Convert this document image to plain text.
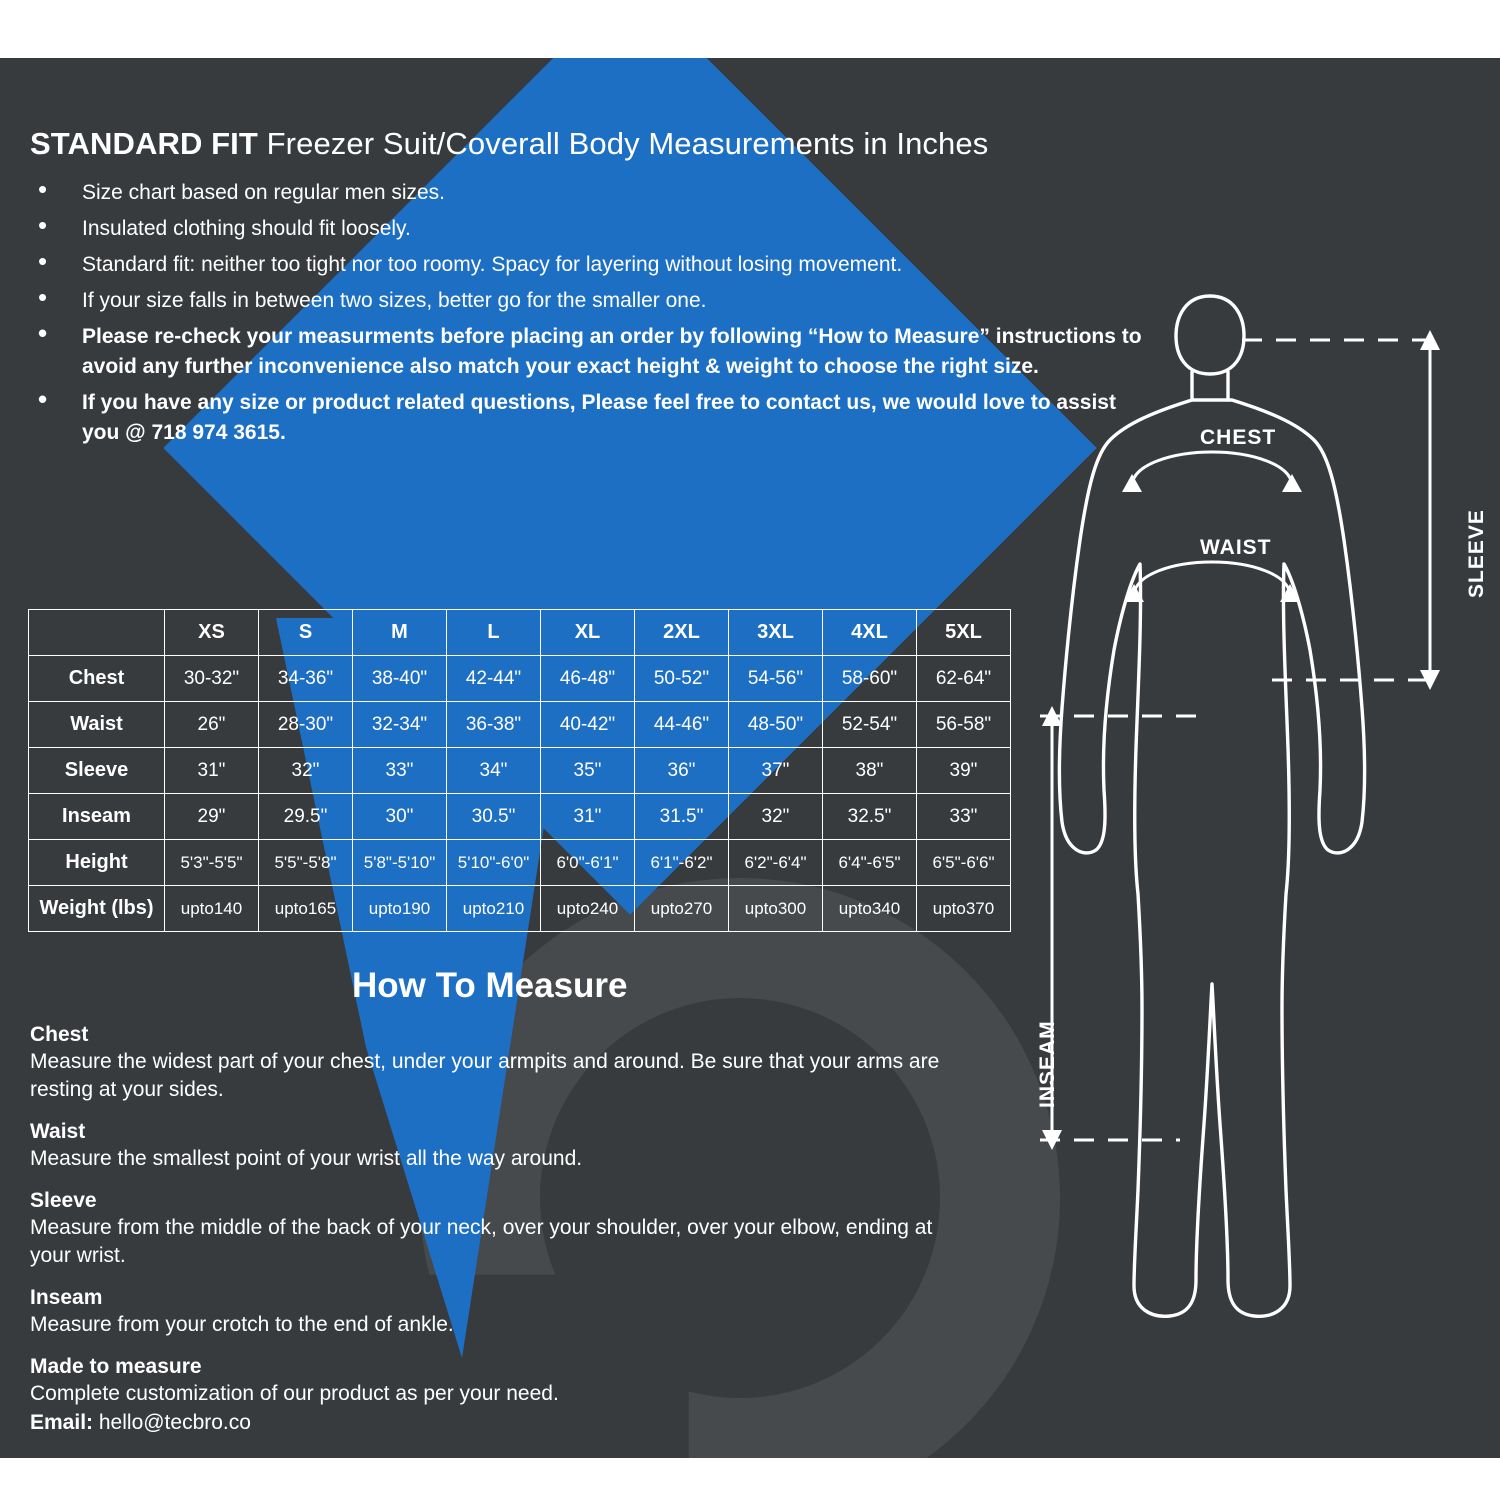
STANDARD FIT Freezer Suit/Coverall Body Measurements in Inches
• Size chart based on regular men sizes.
• Insulated clothing should fit loosely.
• Standard fit: neither too tight nor too roomy. Spacy for layering without losing movement.
• If your size falls in between two sizes, better go for the smaller one.
• Please re-check your measurments before placing an order by following “How to Measure” instructions to avoid any further inconvenience also match your exact height & weight to choose the right size.
• If you have any size or product related questions, Please feel free to contact us, we would love to assist you @ 718 974 3615.
	XS	S	M	L	XL	2XL	3XL	4XL	5XL
Chest	30-32"	34-36"	38-40"	42-44"	46-48"	50-52"	54-56"	58-60"	62-64"
Waist	26"	28-30"	32-34"	36-38"	40-42"	44-46"	48-50"	52-54"	56-58"
Sleeve	31"	32"	33"	34"	35"	36"	37"	38"	39"
Inseam	29"	29.5"	30"	30.5"	31"	31.5"	32"	32.5"	33"
Height	5'3"-5'5"	5'5"-5'8"	5'8"-5'10"	5'10"-6'0"	6'0"-6'1"	6'1"-6'2"	6'2"-6'4"	6'4"-6'5"	6'5"-6'6"
Weight (lbs)	upto140	upto165	upto190	upto210	upto240	upto270	upto300	upto340	upto370
How To Measure
Chest
Measure the widest part of your chest, under your armpits and around. Be sure that your arms are resting at your sides.
Waist
Measure the smallest point of your wrist all the way around.
Sleeve
Measure from the middle of the back of your neck, over your shoulder, over your elbow, ending at your wrist.
Inseam
Measure from your crotch to the end of ankle.
Made to measure
Complete customization of our product as per your need.
Email: hello@tecbro.co
CHEST
WAIST	SLEEVE
INSEAM
